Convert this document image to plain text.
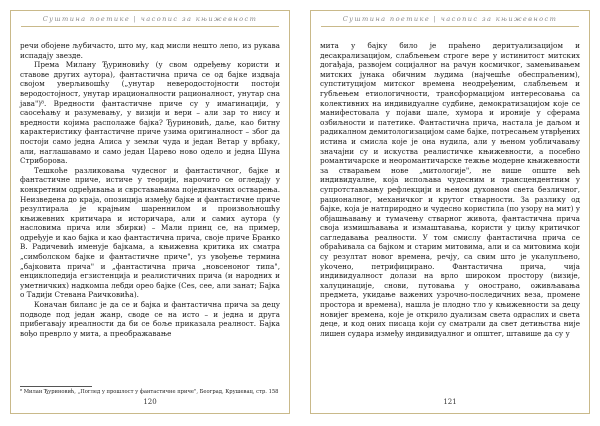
Суштина поетике | часопис за књижевност

речи обојене љубичасто, што му, кад мисли нешто лепо, из рукава испадају звезде.

Према Милану Ђуриновићу (у свом одређењу користи и ставове других аутора), фантастична прича се од бајке издваја својом уверљивошћу („унутар неверодостојности постоји веродостојност, унутар ирационалности рационалност, унутар сна јава")⁸. Вредности фантастичне приче су у имагинацији, у сaoсећању и разумевању, у визији и вери – али зар то нису и вредности којима располаже бајка? Ђуриновић, даље, као битну карактеристику фантастичне приче узима оригиналност – због да постоји само једна Алиса у земљи чуда и један Ветар у врбаку, али, наглашавамо и само један Царево ново одело и једна Шуна Стриборова.

Тешкоће разликовања чудесног и фантастичног, бајке и фантастичне приче, истиче у теорији, нарочито се огледају у конкретним одређивања и сврставањима појединачних остварења. Неизведена до краја, опозиција између бајке и фантастичне приче резултирала је крајњим шареннилом и произвољношћу књижевних критичара и историчара, али и самих аутора (у насловима прича или збирки) – Мали принц се, на пример, одређује и као бајка и као фантастична прича, своје приче Бранко В. Радичевић именује бајкама, а књижевна критика их смaтра „симболском бајке и фантастичне приче", уз увођење термина „бајковита прича" и „фантастична прича „новсеноног типа", енциклопедија егзистенција и реалистичних прича (и народних и уметничких) надкомпа лебди орео бајке (Сеs, сее, али занат; Бајка о Тадији Стевана Раичковића).

Коначан биланс је да се и бајка и фантастична прича за децу подводе под један жанр, своде се на исто – и једна и друга прибегавају иреалности да би се боље приказала реалност. Бајка вођо преврло у мита, а преображавање

⁸ Милан Ђуриновић, „Поглед у прошлост у фантастичне приче", Београд, Крушевац, стр. 158
120
Суштина поетике | часопис за књижевност

мита у бајку било је праћено деритуализацијом и деcакрализацијом, слабљењем строге вере у истинитост митских догађаја, развојем социјалног на рачун космичког, замењивањем митских јунака обичним људима (најчешће обеспраљеним), супституцијом митског времена неодређеним, слабљењем и губљењем етиологичности, трансформацијом интересовања са колективних на индивидуалне судбине, демократизацијом које се манифестовала у појави шале, хумора и ироније у сферама озбиљности и патетике. Фантастична прича, настала је даљом и радикалном демитологизацијом саме бајке, потресањем утврђених истина и смисла које је она нудила, али у њеном уобличавању значајни су и искуства реалистичке књижевности, а посебно романтичарске и неоромантичарске тежње модерне књижевности за стварањем нове „митологије", не више опште већ индивидуалне, која испољава чудесним и трансцендентним у супротстављању рефлекцији и њеном духовном свeта безличног, рационалног, механичког и крутог стварности. За разлику од бајке, која је натприродно и чудесно користила (по узору на мит) у објашњавању и тумачењу стварног живота, фантастична прича своја измишљавања и измаштавања, користи у циљу критичког сагледавања реалности. У том смислу фантастична прича се обраћивала са бајком и старим митовима, али и са митовима који су резултат новог времена, речју, са свим што је укалупљено, уkочено, петрифицирано. Фантастична прича, чија индивидуалност долази на врло широком простору (визије, халуцинације, снови, путовања у оностранo, оживљавања предмета, укидање важених узрочно-последичних веза, промене простора и времена), нашла је плодно тло у књижевности за децу новијег времена, које је открило дуализам света одраслих и света деце, и код оних писаца који су сматрали да свет детињства није лишен судара између индивидуалног и општег, штавише да су у

121
